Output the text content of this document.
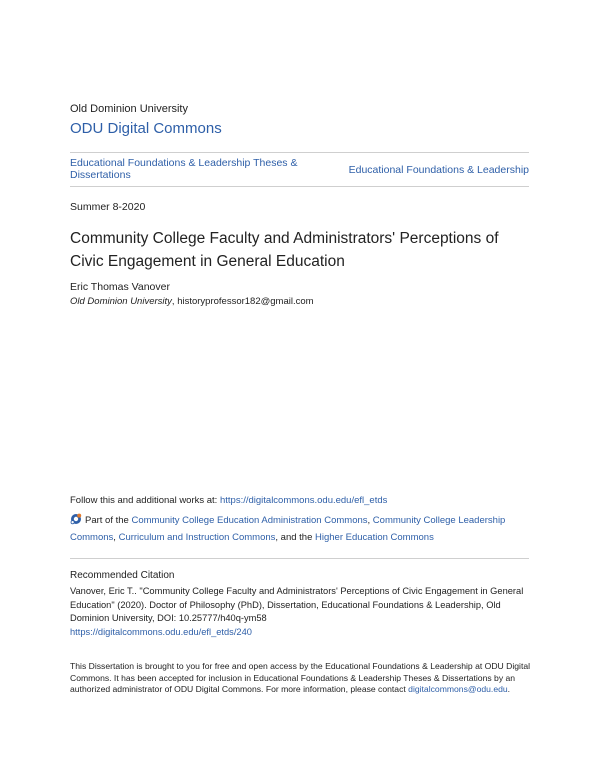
Old Dominion University
ODU Digital Commons
Educational Foundations & Leadership Theses & Dissertations	Educational Foundations & Leadership
Summer 8-2020
Community College Faculty and Administrators' Perceptions of Civic Engagement in General Education
Eric Thomas Vanover
Old Dominion University, historyprofessor182@gmail.com
Follow this and additional works at: https://digitalcommons.odu.edu/efl_etds
Part of the Community College Education Administration Commons, Community College Leadership Commons, Curriculum and Instruction Commons, and the Higher Education Commons
Recommended Citation
Vanover, Eric T.. "Community College Faculty and Administrators' Perceptions of Civic Engagement in General Education" (2020). Doctor of Philosophy (PhD), Dissertation, Educational Foundations & Leadership, Old Dominion University, DOI: 10.25777/h40q-ym58
https://digitalcommons.odu.edu/efl_etds/240
This Dissertation is brought to you for free and open access by the Educational Foundations & Leadership at ODU Digital Commons. It has been accepted for inclusion in Educational Foundations & Leadership Theses & Dissertations by an authorized administrator of ODU Digital Commons. For more information, please contact digitalcommons@odu.edu.
